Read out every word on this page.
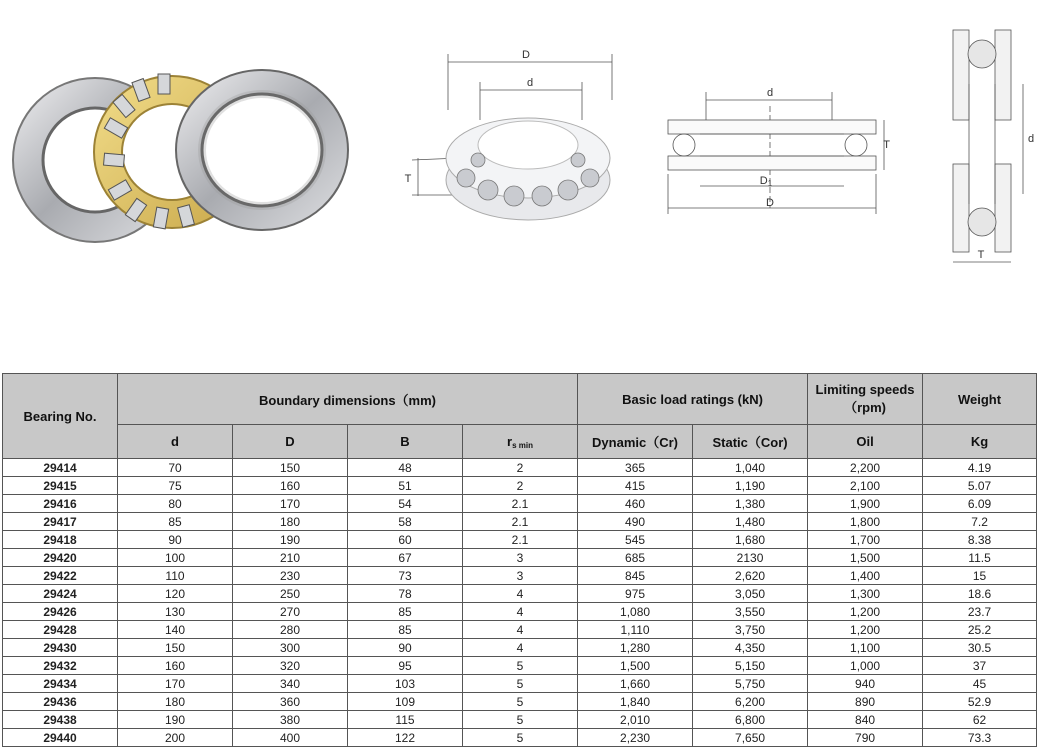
D
d
T
d
D1
D
T	d
T
Bearing No.	Boundary dimensions（mm)				Basic load ratings (kN)		Limiting speeds（rpm)	Weight
	d	D	B	$r_{s min}$	Dynamic（Cr)	Static（Cor)	Oil	Kg
29414	70	150	48	2	365	1,040	2,200	4.19
29415	75	160	51	2	415	1,190	2,100	5.07
29416	80	170	54	2.1	460	1,380	1,900	6.09
29417	85	180	58	2.1	490	1,480	1,800	7.2
29418	90	190	60	2.1	545	1,680	1,700	8.38
29420	100	210	67	3	685	2130	1,500	11.5
29422	110	230	73	3	845	2,620	1,400	15
29424	120	250	78	4	975	3,050	1,300	18.6
29426	130	270	85	4	1,080	3,550	1,200	23.7
29428	140	280	85	4	1,110	3,750	1,200	25.2
29430	150	300	90	4	1,280	4,350	1,100	30.5
29432	160	320	95	5	1,500	5,150	1,000	37
29434	170	340	103	5	1,660	5,750	940	45
29436	180	360	109	5	1,840	6,200	890	52.9
29438	190	380	115	5	2,010	6,800	840	62
29440	200	400	122	5	2,230	7,650	790	73.3
